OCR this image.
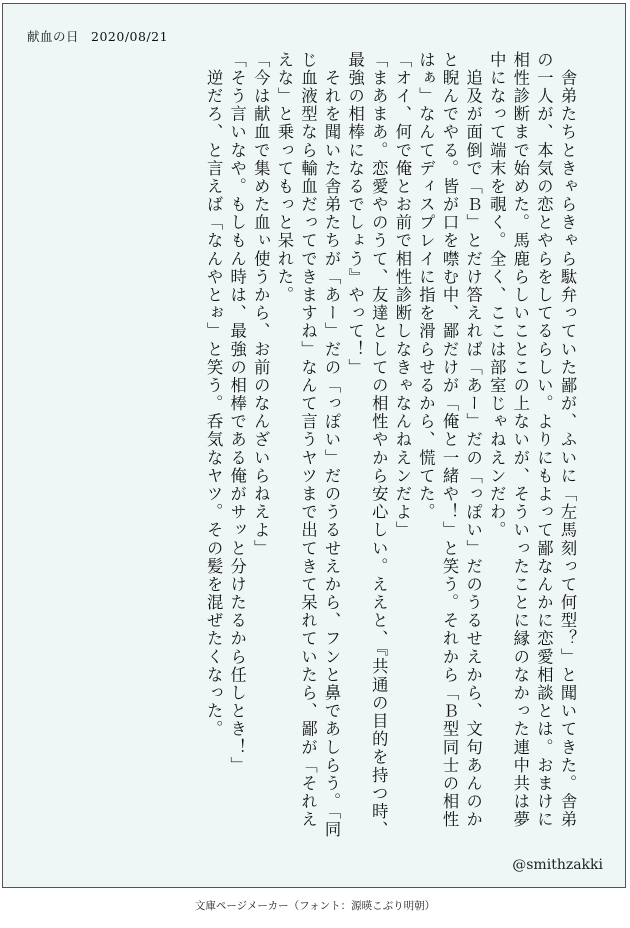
献血の日 2020/08/21

　舎弟たちときゃらきゃら駄弁っていた鄙が、ふいに「左馬刻って何型？」と聞いてきた。舎弟の一人が、本気の恋とやらをしてるらしい。よりにもよって鄙なんかに恋愛相談とは。おまけに相性診断まで始めた。馬鹿らしいことこの上ないが、そういったことに縁のなかった連中共は夢中になって端末を覗く。全く、ここは部室じゃねえンだわ。

　追及が面倒で「Ｂ」とだけ答えれば「あー」だの「っぽい」だのうるせえから、文句あんのかと睨んでやる。皆が口を噤む中、鄙だけが「俺と一緒や！」と笑う。それから「Ｂ型同士の相性はぁ」なんてディスプレイに指を滑らせるから、慌てた。

「オイ、何で俺とお前で相性診断しなきゃなんねえンだよ」

「まあまあ。恋愛やのうて、友達としての相性やから安心しい。ええと、『共通の目的を持つ時、最強の相棒になるでしょう』やって！」

　それを聞いた舎弟たちが「あー」だの「っぽい」だのうるせえから、フンと鼻であしらう。「同じ血液型なら輸血だってできますね」なんて言うヤツまで出てきて呆れていたら、鄙が「それええな」と乗ってもっと呆れた。

「今は献血で集めた血ぃ使うから、お前のなんざいらねえよ」

「そう言いなや。もしもん時は、最強の相棒である俺がサッと分けたるから任しとき！」

　逆だろ、と言えば「なんやとぉ」と笑う。呑気なヤツ。その髪を混ぜたくなった。

@smithzakki
文庫ページメーカー（フォント：源暎こぶり明朝）
